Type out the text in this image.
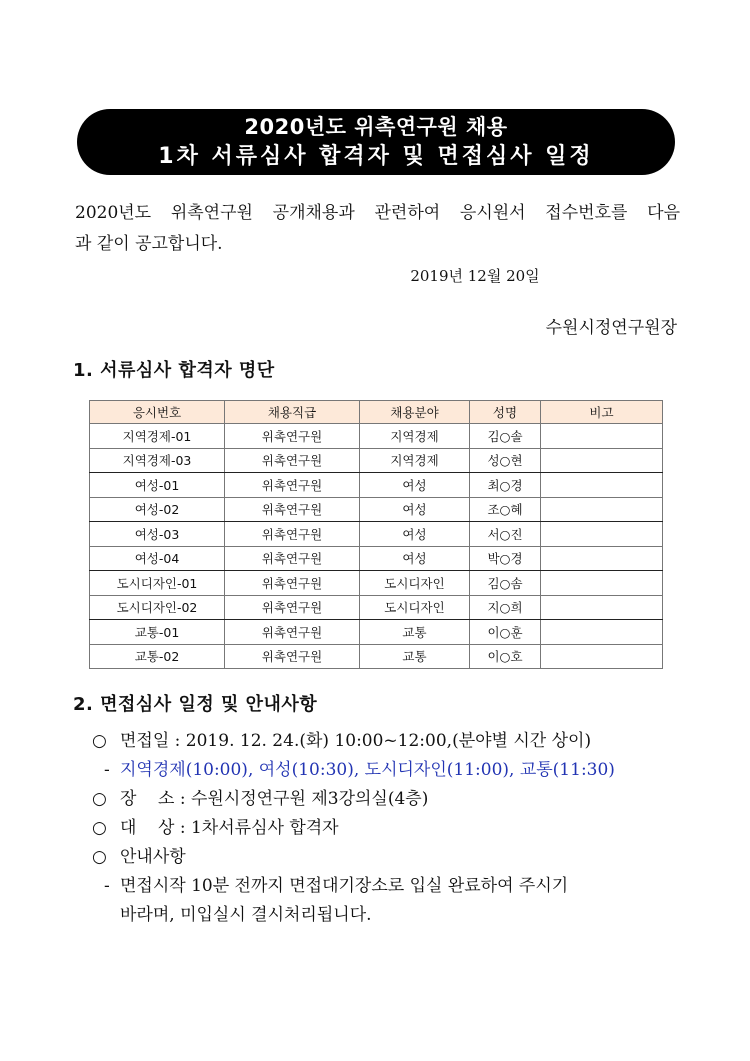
2020년도 위촉연구원 채용
1차 서류심사 합격자 및 면접심사 일정
2020년도 위촉연구원 공개채용과 관련하여 응시원서 접수번호를 다음
과 같이 공고합니다.
2019년 12월 20일
수원시정연구원장
1. 서류심사 합격자 명단
응시번호	채용직급	채용분야	성명	비고
지역경제-01	위촉연구원	지역경제	김○솔	
지역경제-03	위촉연구원	지역경제	성○현	
여성-01	위촉연구원	여성	최○경	
여성-02	위촉연구원	여성	조○혜	
여성-03	위촉연구원	여성	서○진	
여성-04	위촉연구원	여성	박○경	
도시디자인-01	위촉연구원	도시디자인	김○솜	
도시디자인-02	위촉연구원	도시디자인	지○희	
교통-01	위촉연구원	교통	이○훈	
교통-02	위촉연구원	교통	이○호	
2. 면접심사 일정 및 안내사항
○ 면접일 : 2019. 12. 24.(화) 10:00~12:00,(분야별 시간 상이)
- 지역경제(10:00), 여성(10:30), 도시디자인(11:00), 교통(11:30)
○ 장    소 : 수원시정연구원 제3강의실(4층)
○ 대    상 : 1차서류심사 합격자
○ 안내사항
- 면접시작 10분 전까지 면접대기장소로 입실 완료하여 주시기
바라며, 미입실시 결시처리됩니다.
